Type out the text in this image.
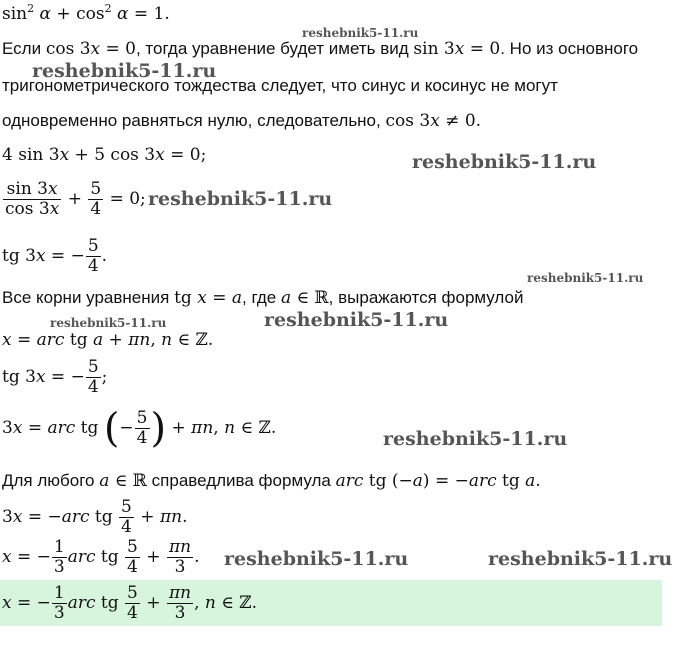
$\sin^2 \alpha + \cos^2 \alpha = 1$.
Если cos 3x = 0, тогда уравнение будет иметь вид sin 3x = 0. Но из основного
тригонометрического тождества следует, что синус и косинус не могут
одновременно равняться нулю, следовательно, cos 3x ≠ 0.
4 sin 3x + 5 cos 3x = 0;
$\frac{\sin 3x}{\cos 3x} + \frac{5}{4} = 0$;
tg 3x = − $\frac{5}{4}$ .
Все корни уравнения tg x = a, где a ∈ ℝ, выражаются формулой
x = arc tg a + πn, n ∈ ℤ.
tg 3x = − $\frac{5}{4}$ ;
3x = arc tg (− $\frac{5}{4}$ ) + πn, n ∈ ℤ.
Для любого a ∈ ℝ справедлива формула arc tg (−a) = −arc tg a.
3x = −arc tg $\frac{5}{4} + \pi n$.
x = − $\frac{1}{3}$ arc tg $\frac{5}{4} + \frac{\pi n}{3}$ .
x = − $\frac{1}{3}$ arc tg $\frac{5}{4} + \frac{\pi n}{3}$ , n ∈ ℤ.
reshebnik5-11.ru
reshebnik5-11.ru
reshebnik5-11.ru
reshebnik5-11.ru
reshebnik5-11.ru
reshebnik5-11.ru	reshebnik5-11.ru
reshebnik5-11.ru
reshebnik5-11.ru	reshebnik5-11.ru
